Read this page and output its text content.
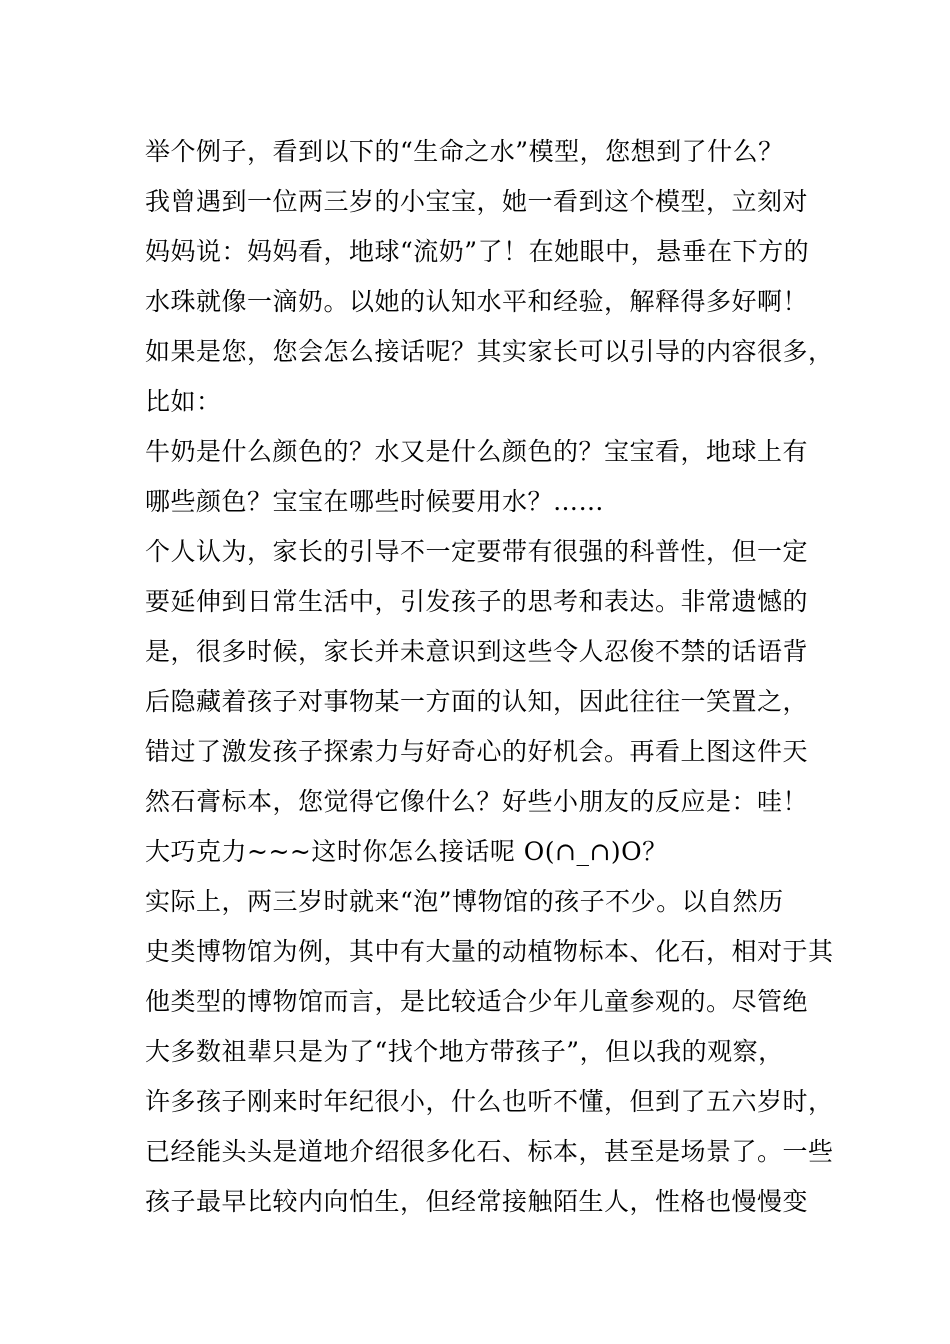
举个例子，看到以下的“生命之水”模型，您想到了什么？
我曾遇到一位两三岁的小宝宝，她一看到这个模型，立刻对
妈妈说：妈妈看，地球“流奶”了！在她眼中，悬垂在下方的
水珠就像一滴奶。以她的认知水平和经验，解释得多好啊！
如果是您，您会怎么接话呢？其实家长可以引导的内容很多，
比如：
牛奶是什么颜色的？水又是什么颜色的？宝宝看，地球上有
哪些颜色？宝宝在哪些时候要用水？……
个人认为，家长的引导不一定要带有很强的科普性，但一定
要延伸到日常生活中，引发孩子的思考和表达。非常遗憾的
是，很多时候，家长并未意识到这些令人忍俊不禁的话语背
后隐藏着孩子对事物某一方面的认知，因此往往一笑置之，
错过了激发孩子探索力与好奇心的好机会。再看上图这件天
然石膏标本，您觉得它像什么？好些小朋友的反应是：哇！
大巧克力~~~这时你怎么接话呢 O(∩_∩)O？
实际上，两三岁时就来“泡”博物馆的孩子不少。以自然历
史类博物馆为例，其中有大量的动植物标本、化石，相对于其
他类型的博物馆而言，是比较适合少年儿童参观的。尽管绝
大多数祖辈只是为了“找个地方带孩子”，但以我的观察，
许多孩子刚来时年纪很小，什么也听不懂，但到了五六岁时，
已经能头头是道地介绍很多化石、标本，甚至是场景了。一些
孩子最早比较内向怕生，但经常接触陌生人，性格也慢慢变
